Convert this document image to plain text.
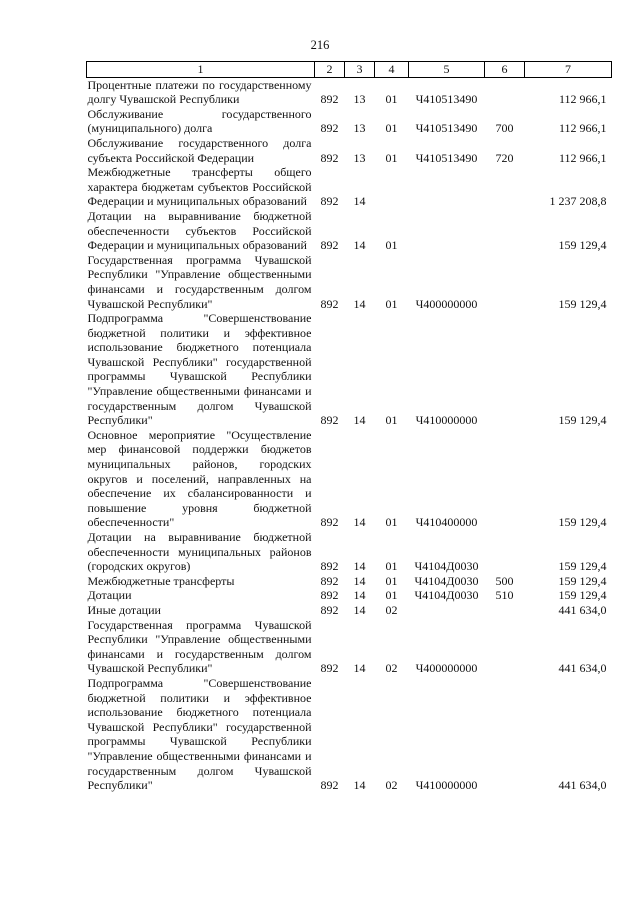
216
1	2	3	4	5	6	7
Процентные платежи по государственному долгу Чувашской Республики	892	13	01	Ч410513490		112 966,1
Обслуживание государственного (муниципального) долга	892	13	01	Ч410513490	700	112 966,1
Обслуживание государственного долга субъекта Российской Федерации	892	13	01	Ч410513490	720	112 966,1
Межбюджетные трансферты общего характера бюджетам субъектов Российской Федерации и муниципальных образований	892	14				1 237 208,8
Дотации на выравнивание бюджетной обеспеченности субъектов Российской Федерации и муниципальных образований	892	14	01			159 129,4
Государственная программа Чувашской Республики "Управление общественными финансами и государственным долгом Чувашской Республики"	892	14	01	Ч400000000		159 129,4
Подпрограмма "Совершенствование бюджетной политики и эффективное использование бюджетного потенциала Чувашской Республики" государственной программы Чувашской Республики "Управление общественными финансами и государственным долгом Чувашской Республики"	892	14	01	Ч410000000		159 129,4
Основное мероприятие "Осуществление мер финансовой поддержки бюджетов муниципальных районов, городских округов и поселений, направленных на обеспечение их сбалансированности и повышение уровня бюджетной обеспеченности"	892	14	01	Ч410400000		159 129,4
Дотации на выравнивание бюджетной обеспеченности муниципальных районов (городских округов)	892	14	01	Ч4104Д0030		159 129,4
Межбюджетные трансферты	892	14	01	Ч4104Д0030	500	159 129,4
Дотации	892	14	01	Ч4104Д0030	510	159 129,4
Иные дотации	892	14	02			441 634,0
Государственная программа Чувашской Республики "Управление общественными финансами и государственным долгом Чувашской Республики"	892	14	02	Ч400000000		441 634,0
Подпрограмма "Совершенствование бюджетной политики и эффективное использование бюджетного потенциала Чувашской Республики" государственной программы Чувашской Республики "Управление общественными финансами и государственным долгом Чувашской Республики"	892	14	02	Ч410000000		441 634,0
